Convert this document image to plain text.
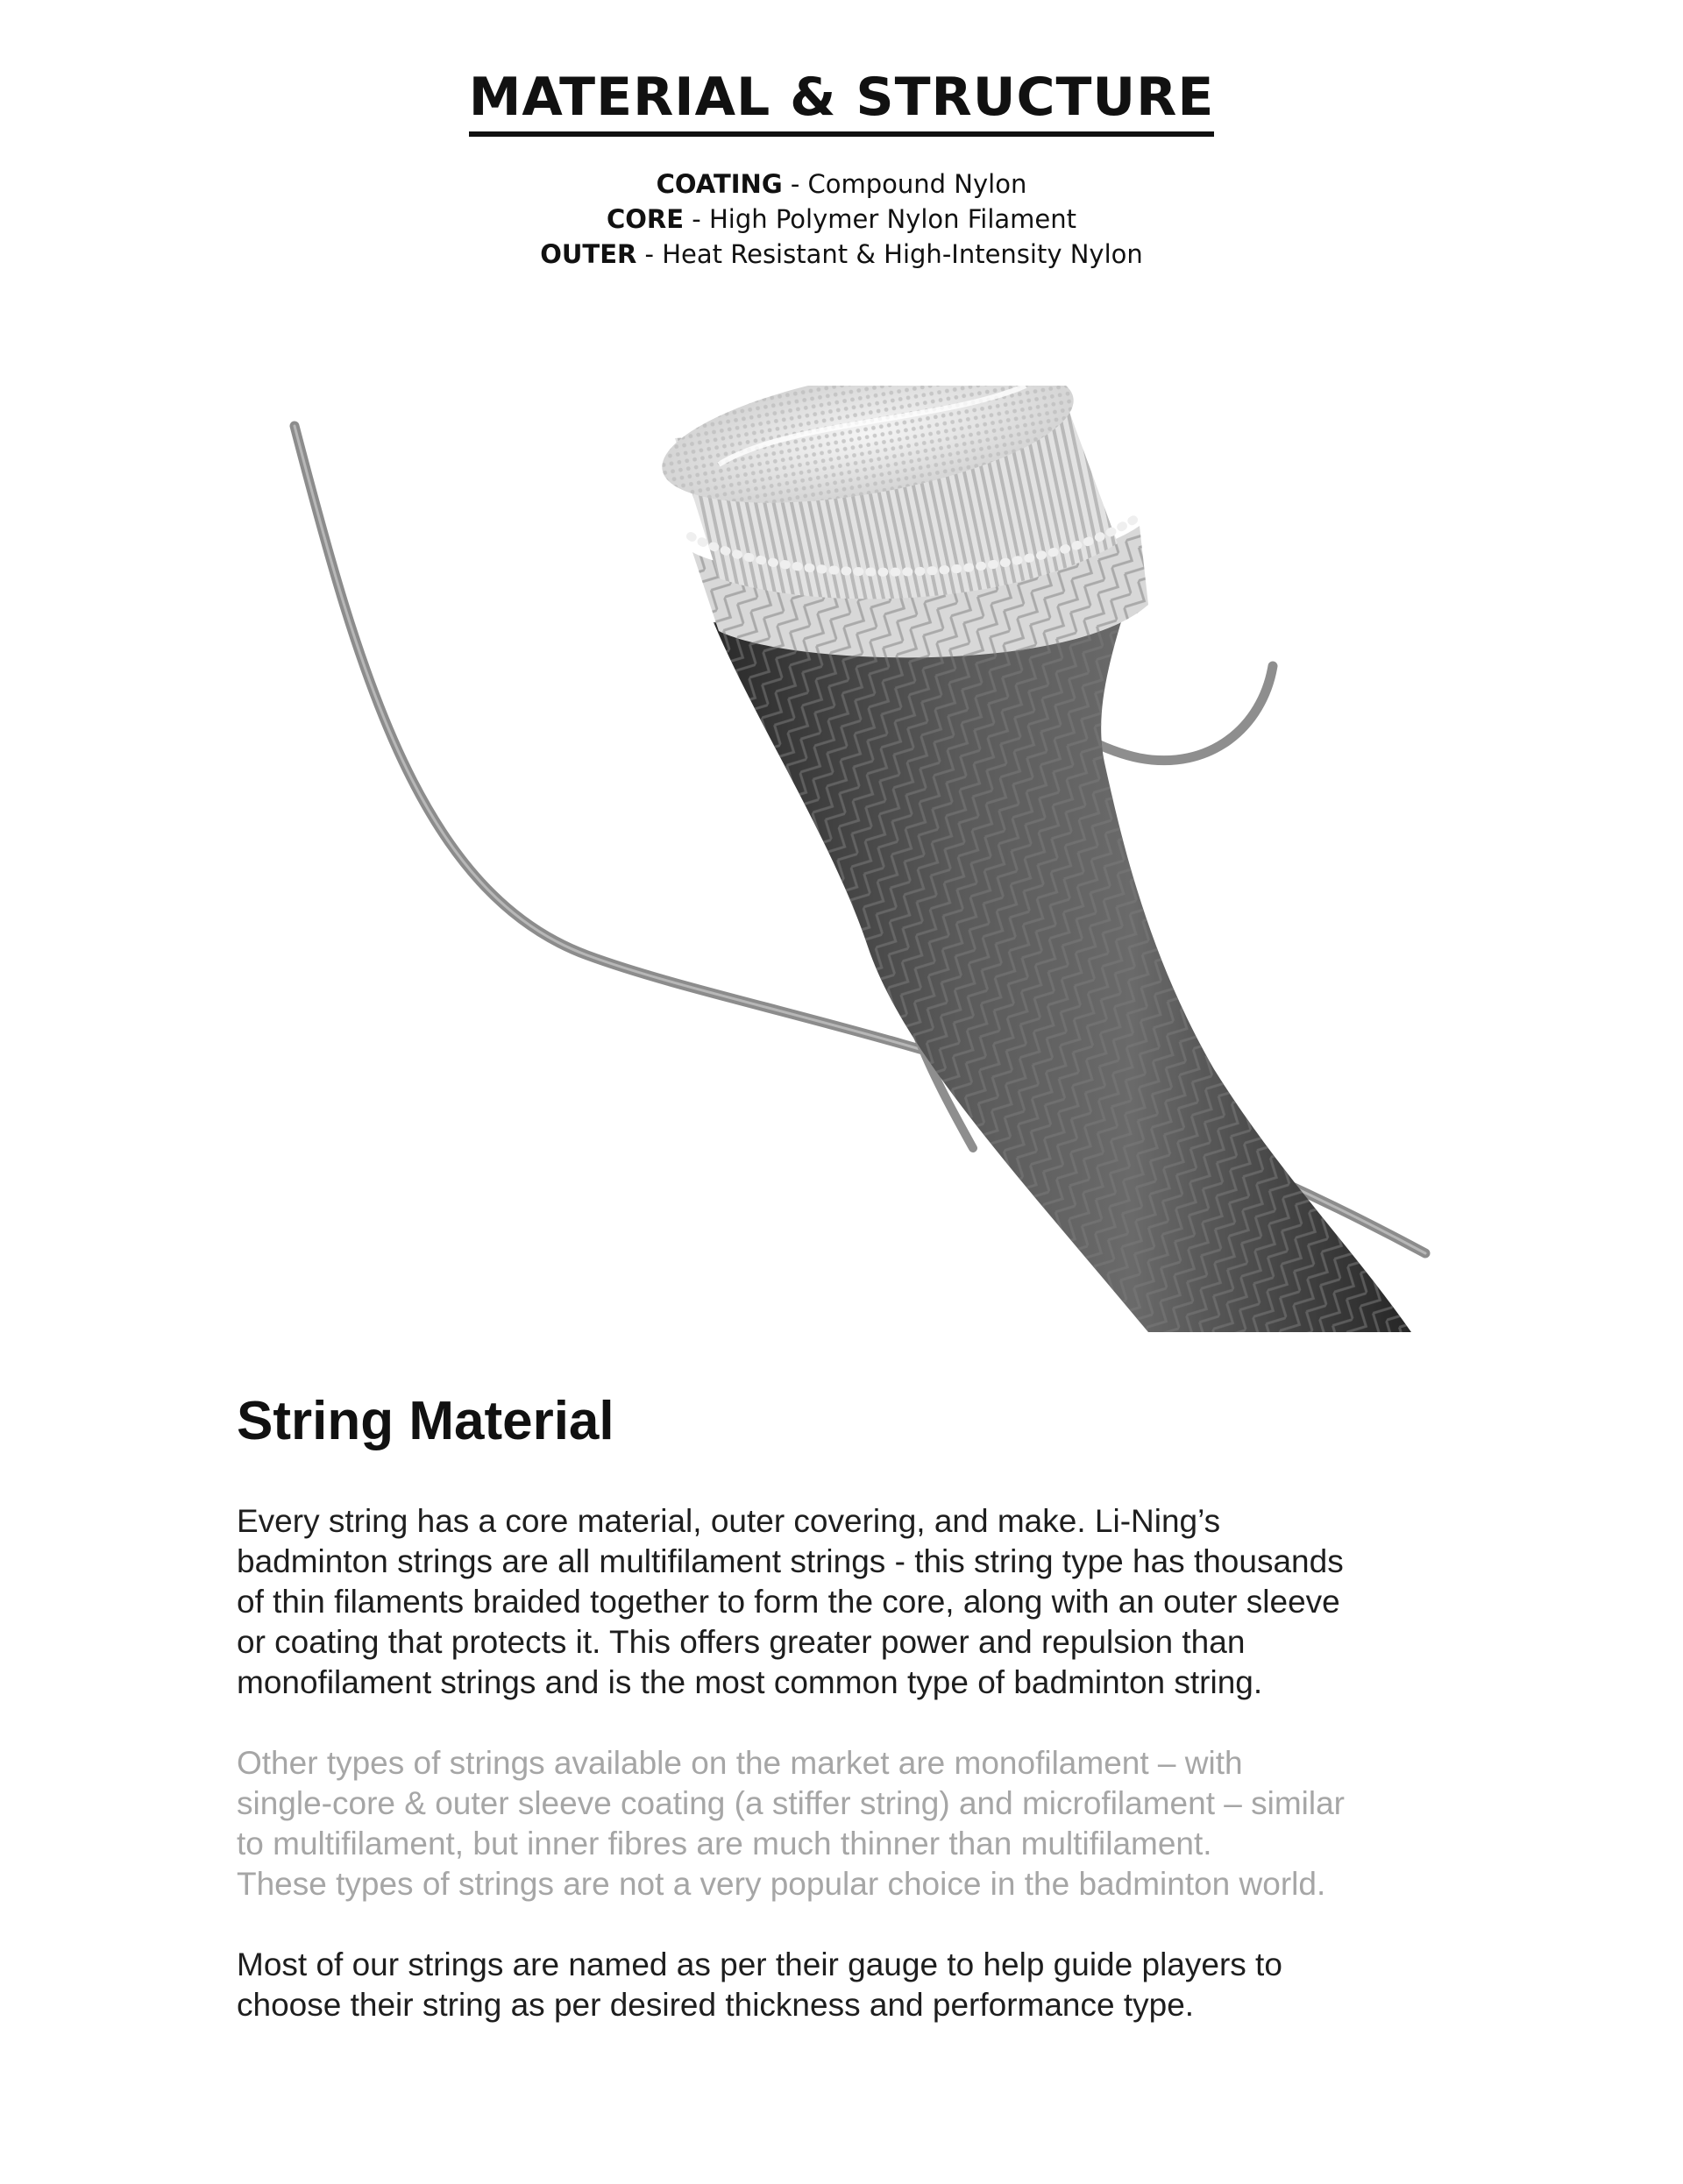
MATERIAL & STRUCTURE
COATING - Compound Nylon
CORE - High Polymer Nylon Filament
OUTER - Heat Resistant & High-Intensity Nylon
String Material

Every string has a core material, outer covering, and make. Li-Ning’s
badminton strings are all multifilament strings - this string type has thousands
of thin filaments braided together to form the core, along with an outer sleeve
or coating that protects it. This offers greater power and repulsion than
monofilament strings and is the most common type of badminton string.

Other types of strings available on the market are monofilament – with
single-core & outer sleeve coating (a stiffer string) and microfilament – similar
to multifilament, but inner fibres are much thinner than multifilament.
These types of strings are not a very popular choice in the badminton world.

Most of our strings are named as per their gauge to help guide players to
choose their string as per desired thickness and performance type.
